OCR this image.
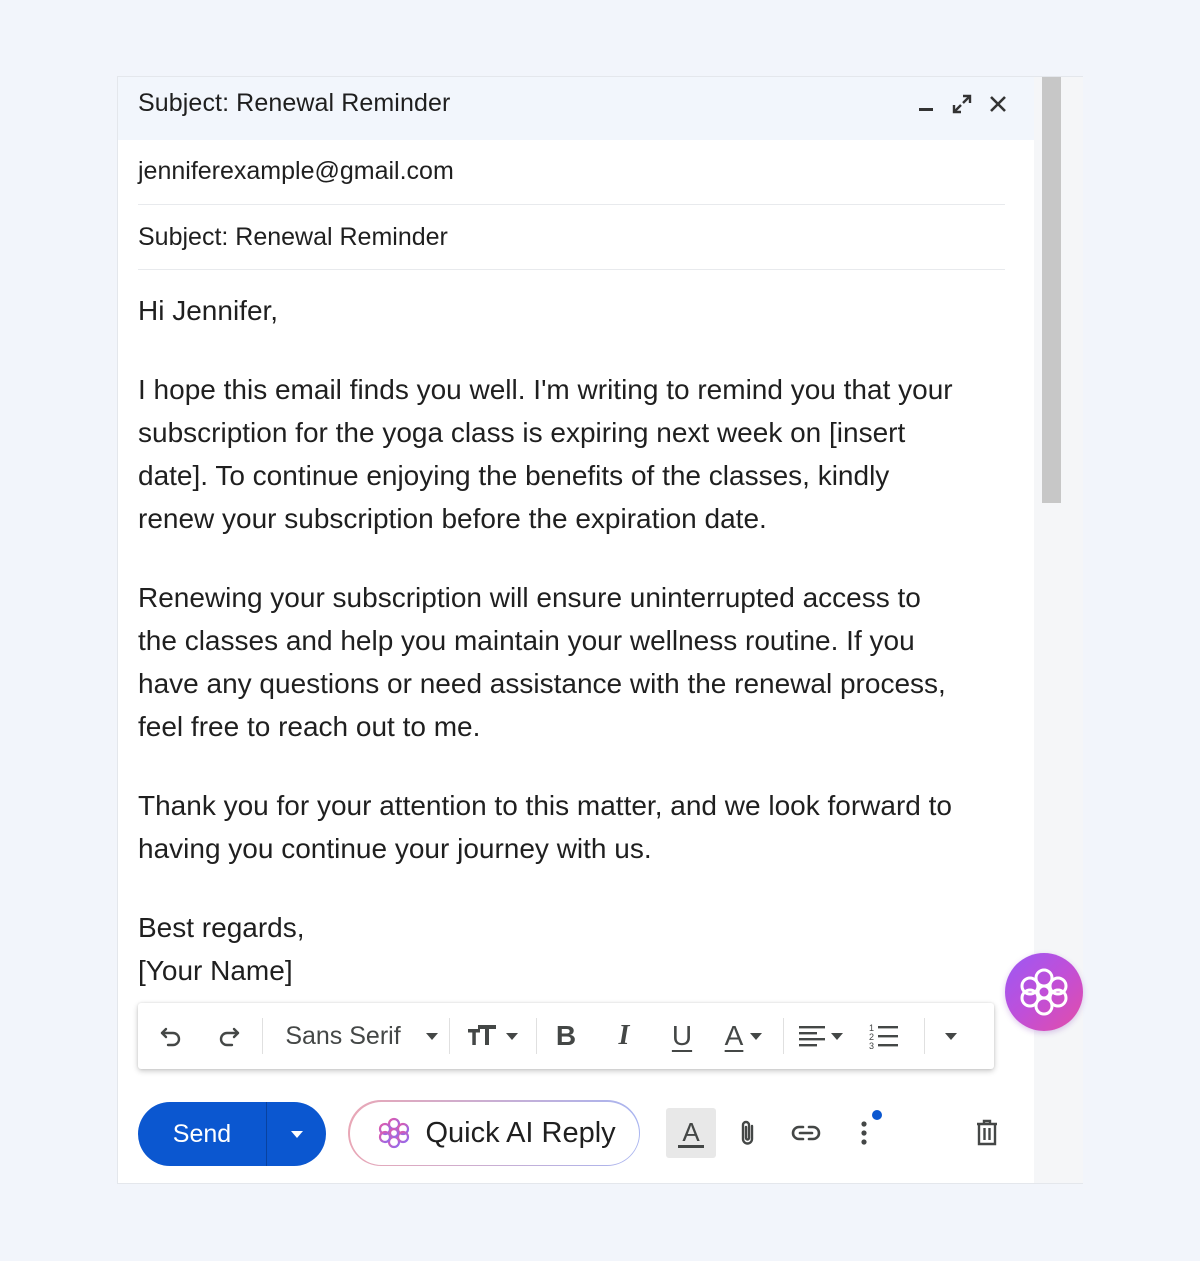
Subject: Renewal Reminder
jenniferexample@gmail.com
Subject: Renewal Reminder

Hi Jennifer,

I hope this email finds you well. I'm writing to remind you that your

subscription for the yoga class is expiring next week on [insert

date]. To continue enjoying the benefits of the classes, kindly

renew your subscription before the expiration date.

Renewing your subscription will ensure uninterrupted access to

the classes and help you maintain your wellness routine. If you

have any questions or need assistance with the renewal process,

feel free to reach out to me.

Thank you for your attention to this matter, and we look forward to

having you continue your journey with us.

Best regards,

[Your Name]

Sans Serif	B I U A	1
2
3
Send	Quick AI Reply	A
